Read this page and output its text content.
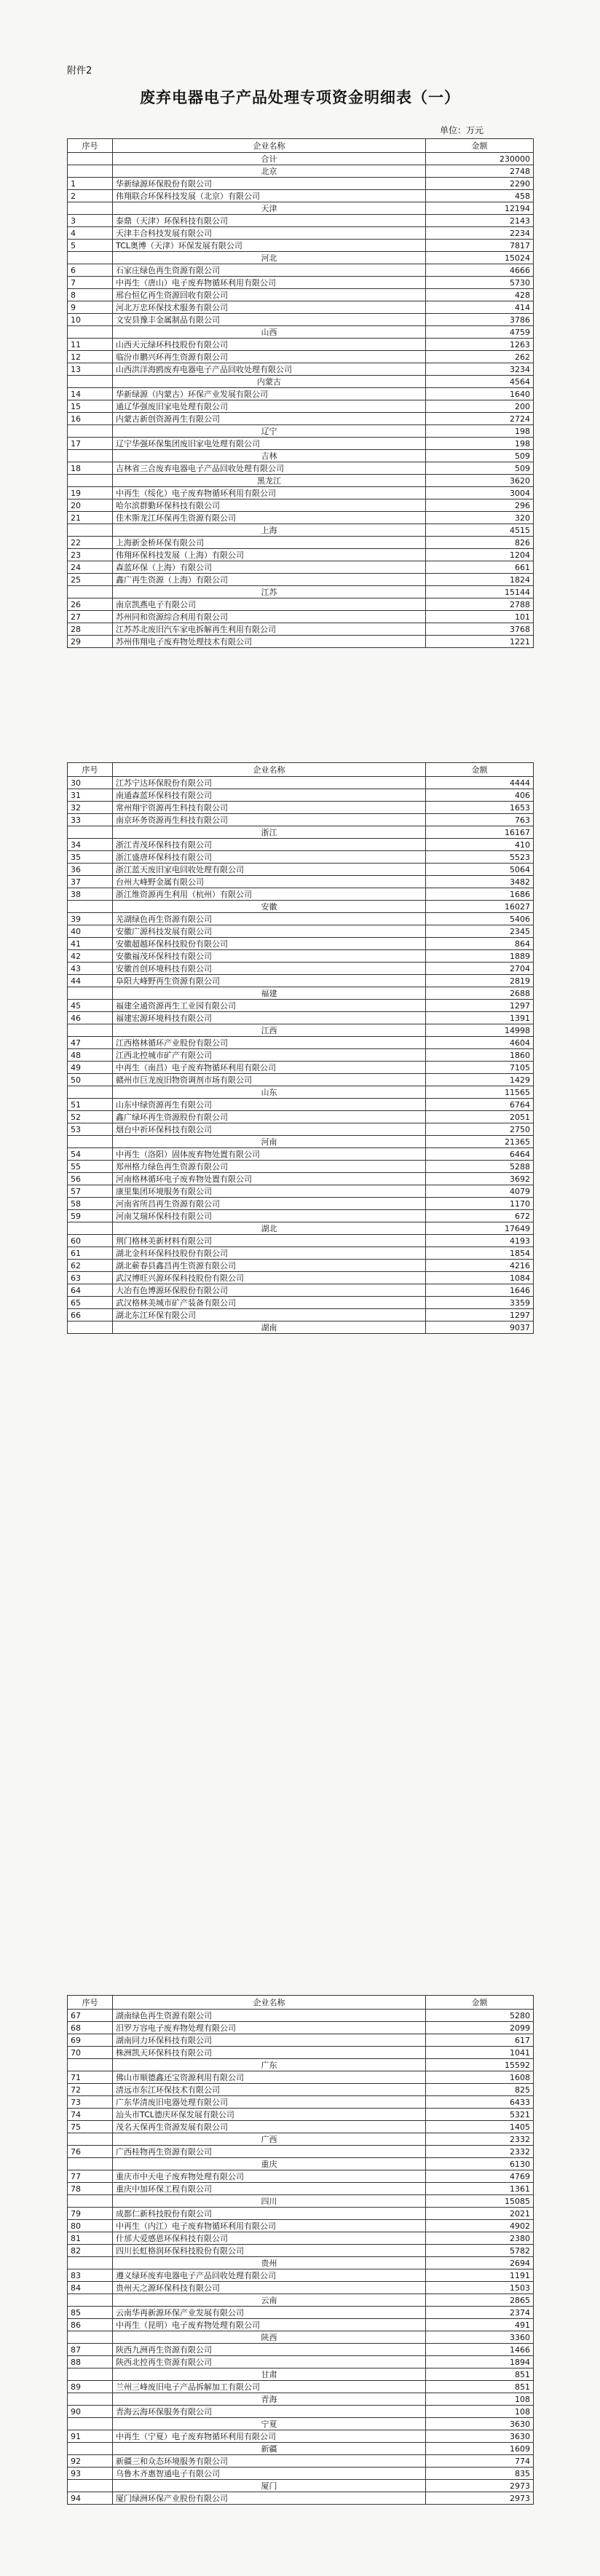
附件2
废弃电器电子产品处理专项资金明细表（一）
单位：万元
序号	企业名称	金额
	合计	230000
	北京	2748
1	华新绿源环保股份有限公司	2290
2	伟翔联合环保科技发展（北京）有限公司	458
	天津	12194
3	泰鼎（天津）环保科技有限公司	2143
4	天津丰合科技发展有限公司	2234
5	TCL奥博（天津）环保发展有限公司	7817
	河北	15024
6	石家庄绿色再生资源有限公司	4666
7	中再生（唐山）电子废弃物循环利用有限公司	5730
8	邢台恒亿再生资源回收有限公司	428
9	河北万忠环保技术服务有限公司	414
10	文安县豫丰金属制品有限公司	3786
	山西	4759
11	山西天元绿环科技股份有限公司	1263
12	临汾市鹏兴环再生资源有限公司	262
13	山西洪洋海鸥废弃电器电子产品回收处理有限公司	3234
	内蒙古	4564
14	华新绿源（内蒙古）环保产业发展有限公司	1640
15	通辽华强废旧家电处理有限公司	200
16	内蒙古新创资源再生有限公司	2724
	辽宁	198
17	辽宁华强环保集团废旧家电处理有限公司	198
	吉林	509
18	吉林省三合废弃电器电子产品回收处理有限公司	509
	黑龙江	3620
19	中再生（绥化）电子废弃物循环利用有限公司	3004
20	哈尔滨群勤环保科技有限公司	296
21	佳木斯龙江环保再生资源有限公司	320
	上海	4515
22	上海新金桥环保有限公司	826
23	伟翔环保科技发展（上海）有限公司	1204
24	森蓝环保（上海）有限公司	661
25	鑫广再生资源（上海）有限公司	1824
	江苏	15144
26	南京凯燕电子有限公司	2788
27	苏州同和资源综合利用有限公司	101
28	江苏苏北废旧汽车家电拆解再生利用有限公司	3768
29	苏州伟翔电子废弃物处理技术有限公司	1221
序号	企业名称	金额
30	江苏宁达环保股份有限公司	4444
31	南通森蓝环保科技有限公司	406
32	常州翔宇资源再生科技有限公司	1653
33	南京环务资源再生科技有限公司	763
	浙江	16167
34	浙江青茂环保科技有限公司	410
35	浙江盛唐环保科技有限公司	5523
36	浙江蓝天废旧家电回收处理有限公司	5064
37	台州大峰野金属有限公司	3482
38	浙江维资源再生利用（杭州）有限公司	1686
	安徽	16027
39	芜湖绿色再生资源有限公司	5406
40	安徽广源科技发展有限公司	2345
41	安徽超越环保科技股份有限公司	864
42	安徽福茂环保科技有限公司	1889
43	安徽首创环境科技有限公司	2704
44	阜阳大峰野再生资源有限公司	2819
	福建	2688
45	福建全通资源再生工业园有限公司	1297
46	福建宏源环境科技有限公司	1391
	江西	14998
47	江西格林循环产业股份有限公司	4604
48	江西北控城市矿产有限公司	1860
49	中再生（南昌）电子废弃物循环利用有限公司	7105
50	赣州市巨龙废旧物资调剂市场有限公司	1429
	山东	11565
51	山东中绿资源再生有限公司	6764
52	鑫广绿环再生资源股份有限公司	2051
53	烟台中祈环保科技有限公司	2750
	河南	21365
54	中再生（洛阳）固体废弃物处置有限公司	6464
55	郑州格力绿色再生资源有限公司	5288
56	河南格林循环电子废弃物处置有限公司	3692
57	康里集团环境服务有限公司	4079
58	河南省所昌再生资源有限公司	1170
59	河南艾瑞环保科技有限公司	672
	湖北	17649
60	荆门格林美新材料有限公司	4193
61	湖北金科环保科技股份有限公司	1854
62	湖北蕲春县鑫昌再生资源有限公司	4216
63	武汉博旺兴源环保科技股份有限公司	1084
64	大冶有色博源环保股份有限公司	1646
65	武汉格林美城市矿产装备有限公司	3359
66	湖北东江环保有限公司	1297
	湖南	9037
序号	企业名称	金额
67	湖南绿色再生资源有限公司	5280
68	汨罗万容电子废弃物处理有限公司	2099
69	湖南同力环保科技有限公司	617
70	株洲凯天环保科技有限公司	1041
	广东	15592
71	佛山市顺德鑫还宝资源利用有限公司	1608
72	清远市东江环保技术有限公司	825
73	广东华清废旧电器处理有限公司	6433
74	汕头市TCL德庆环保发展有限公司	5321
75	茂名天保再生资源发展有限公司	1405
	广西	2332
76	广西桂物再生资源有限公司	2332
	重庆	6130
77	重庆市中天电子废弃物处理有限公司	4769
78	重庆中加环保工程有限公司	1361
	四川	15085
79	成都仁新科技股份有限公司	2021
80	中再生（内江）电子废弃物循环利用有限公司	4902
81	什邡大爱感恩环保科技有限公司	2380
82	四川长虹格润环保科技股份有限公司	5782
	贵州	2694
83	遵义绿环废弃电器电子产品回收处理有限公司	1191
84	贵州天之源环保科技有限公司	1503
	云南	2865
85	云南华再新源环保产业发展有限公司	2374
86	中再生（昆明）电子废弃物处理有限公司	491
	陕西	3360
87	陕西九洲再生资源有限公司	1466
88	陕西北控再生资源有限公司	1894
	甘肃	851
89	兰州三峰废旧电子产品拆解加工有限公司	851
	青海	108
90	青海云海环保服务有限公司	108
	宁夏	3630
91	中再生（宁夏）电子废弃物循环利用有限公司	3630
	新疆	1609
92	新疆三和众态环境服务有限公司	774
93	乌鲁木齐惠智通电子有限公司	835
	厦门	2973
94	厦门绿洲环保产业股份有限公司	2973
